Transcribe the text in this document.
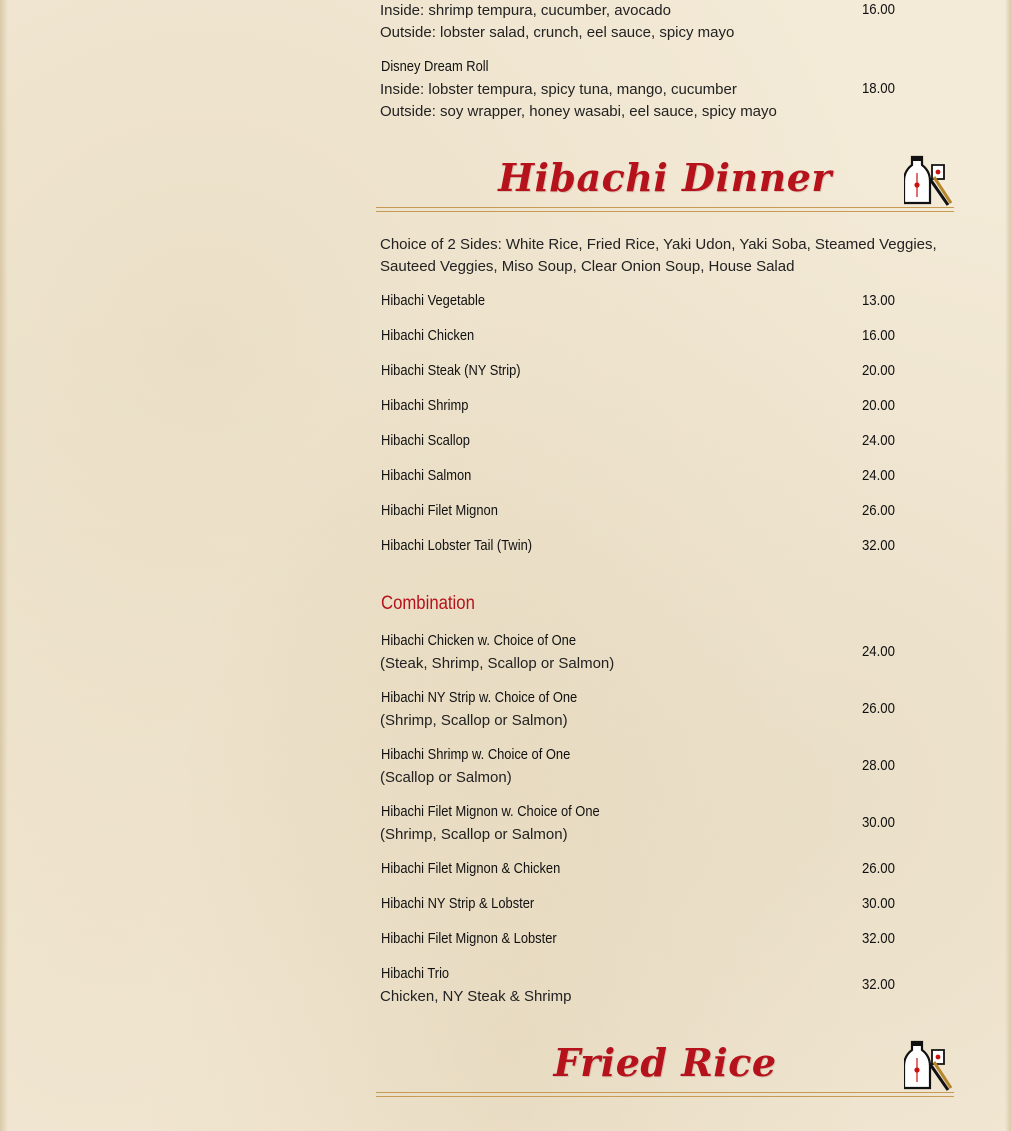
Inside: shrimp tempura, cucumber, avocado
Outside: lobster salad, crunch, eel sauce, spicy mayo
16.00
Disney Dream Roll
Inside: lobster tempura, spicy tuna, mango, cucumber
Outside: soy wrapper, honey wasabi, eel sauce, spicy mayo
18.00
Hibachi Dinner
Choice of 2 Sides: White Rice, Fried Rice, Yaki Udon, Yaki Soba, Steamed Veggies,
Sauteed Veggies, Miso Soup, Clear Onion Soup, House Salad
Hibachi Vegetable	13.00
Hibachi Chicken	16.00
Hibachi Steak (NY Strip)	20.00
Hibachi Shrimp	20.00
Hibachi Scallop	24.00
Hibachi Salmon	24.00
Hibachi Filet Mignon	26.00
Hibachi Lobster Tail (Twin)	32.00
Combination
Hibachi Chicken w. Choice of One
(Steak, Shrimp, Scallop or Salmon)
24.00
Hibachi NY Strip w. Choice of One
(Shrimp, Scallop or Salmon)
26.00
Hibachi Shrimp w. Choice of One
(Scallop or Salmon)
28.00
Hibachi Filet Mignon w. Choice of One
(Shrimp, Scallop or Salmon)
30.00
Hibachi Filet Mignon & Chicken	26.00
Hibachi NY Strip & Lobster	30.00
Hibachi Filet Mignon & Lobster	32.00
Hibachi Trio
Chicken, NY Steak & Shrimp
32.00
Fried Rice
